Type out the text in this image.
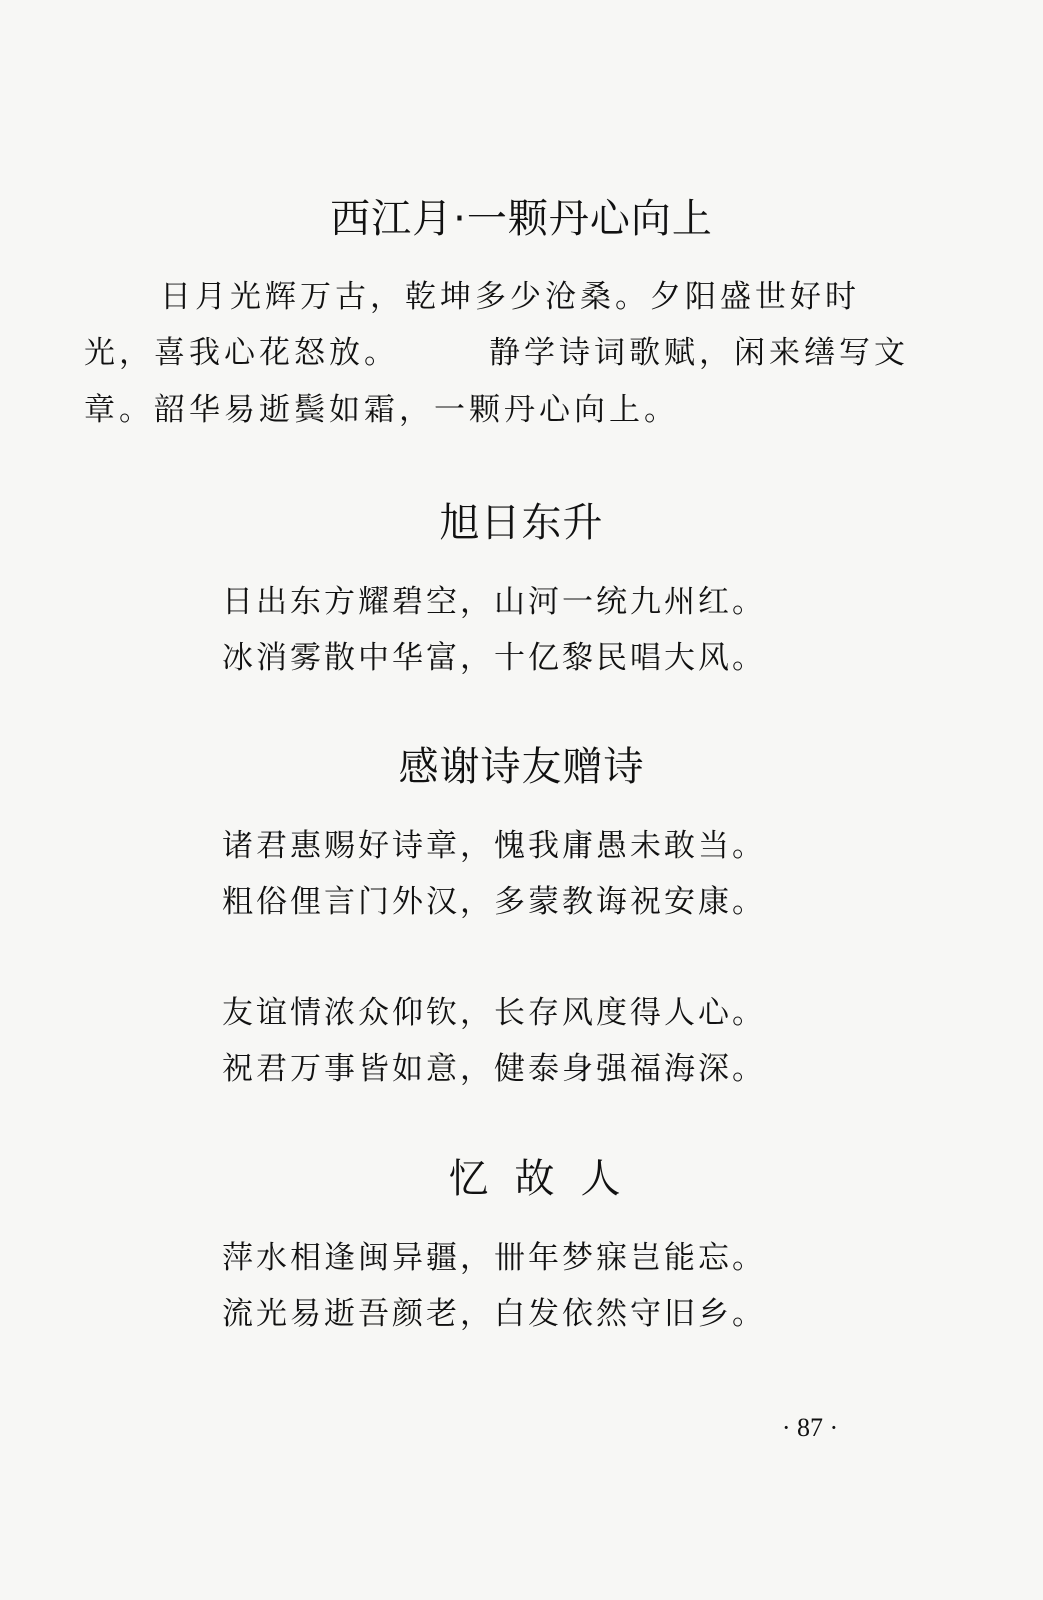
西江月·一颗丹心向上
日月光辉万古，乾坤多少沧桑。夕阳盛世好时
光，喜我心花怒放。	静学诗词歌赋，闲来缮写文
章。韶华易逝鬓如霜，一颗丹心向上。
旭日东升
日出东方耀碧空，山河一统九州红。
冰消雾散中华富，十亿黎民唱大风。
感谢诗友赠诗
诸君惠赐好诗章，愧我庸愚未敢当。
粗俗俚言门外汉，多蒙教诲祝安康。
友谊情浓众仰钦，长存风度得人心。
祝君万事皆如意，健泰身强福海深。
忆故人
萍水相逢闽异疆，卌年梦寐岂能忘。
流光易逝吾颜老，白发依然守旧乡。
· 87 ·
